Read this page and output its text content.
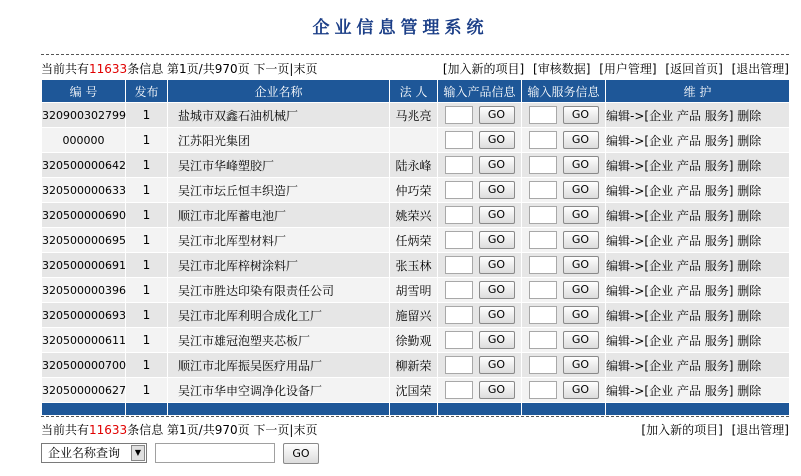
企业信息管理系统
当前共有11633条信息 第1页/共970页 下一页|末页	[加入新的项目] [审核数据] [用户管理] [返回首页] [退出管理]
编 号	发布	企业名称	法 人	输入产品信息	输入服务信息	维 护
320900302799	1	盐城市双鑫石油机械厂	马兆亮	GO	GO	编辑->[企业 产品 服务] 删除
000000	1	江苏阳光集团		GO	GO	编辑->[企业 产品 服务] 删除
320500000642	1	吴江市华峰塑胶厂	陆永峰	GO	GO	编辑->[企业 产品 服务] 删除
320500000633	1	吴江市坛丘恒丰织造厂	仲巧荣	GO	GO	编辑->[企业 产品 服务] 删除
320500000690	1	顺江市北厍蓄电池厂	姚荣兴	GO	GO	编辑->[企业 产品 服务] 删除
320500000695	1	吴江市北厍型材料厂	任炳荣	GO	GO	编辑->[企业 产品 服务] 删除
320500000691	1	吴江市北厍梓树涂料厂	张玉林	GO	GO	编辑->[企业 产品 服务] 删除
320500000396	1	吴江市胜达印染有限责任公司	胡雪明	GO	GO	编辑->[企业 产品 服务] 删除
320500000693	1	吴江市北厍利明合成化工厂	施留兴	GO	GO	编辑->[企业 产品 服务] 删除
320500000611	1	吴江市雄冠泡塑夹芯板厂	徐勤观	GO	GO	编辑->[企业 产品 服务] 删除
320500000700	1	顺江市北厍振吴医疗用品厂	柳新荣	GO	GO	编辑->[企业 产品 服务] 删除
320500000627	1	吴江市华申空调净化设备厂	沈国荣	GO	GO	编辑->[企业 产品 服务] 删除

当前共有11633条信息 第1页/共970页 下一页|末页	[加入新的项目] [退出管理]
企业名称查询	▼	GO
